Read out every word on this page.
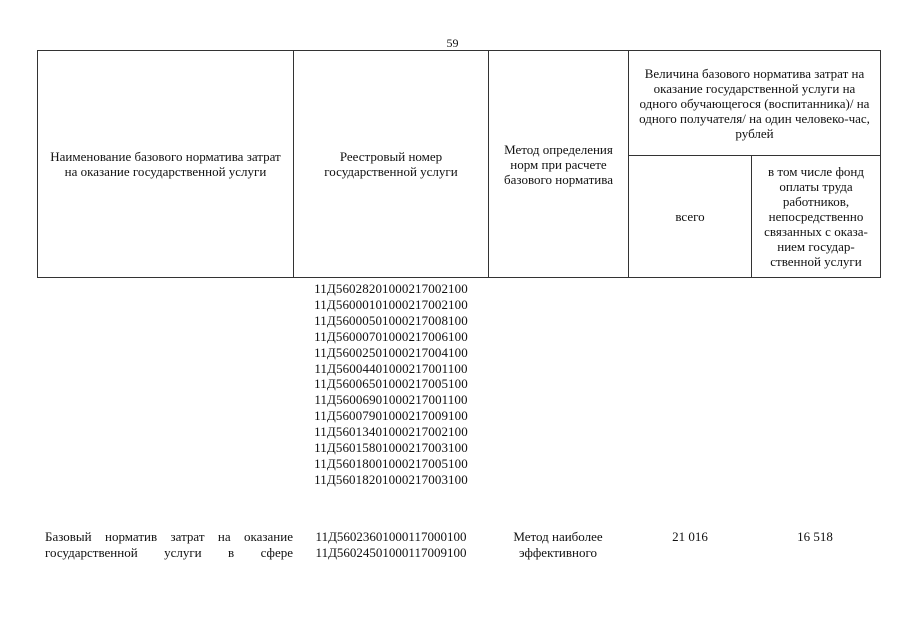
59
Наименование базового норматива затрат на оказание государственной услуги
Реестровый номер государственной услуги
Метод определения норм при расчете базового норматива
Величина базового норматива затрат на оказание государственной услуги на одного обучающегося (воспитанника)/ на одного получателя/ на один человеко-час, рублей
всего
в том числе фонд оплаты труда работников, непосредственно связанных с оказа-нием государ-ственной услуги
11Д56028201000217002100
11Д56000101000217002100
11Д56000501000217008100
11Д56000701000217006100
11Д56002501000217004100
11Д56004401000217001100
11Д56006501000217005100
11Д56006901000217001100
11Д56007901000217009100
11Д56013401000217002100
11Д56015801000217003100
11Д56018001000217005100
11Д56018201000217003100
Базовый норматив затрат на оказание
государственной услуги в сфере
11Д56023601000117000100
11Д56024501000117009100
Метод наиболее
эффективного
21 016	16 518
